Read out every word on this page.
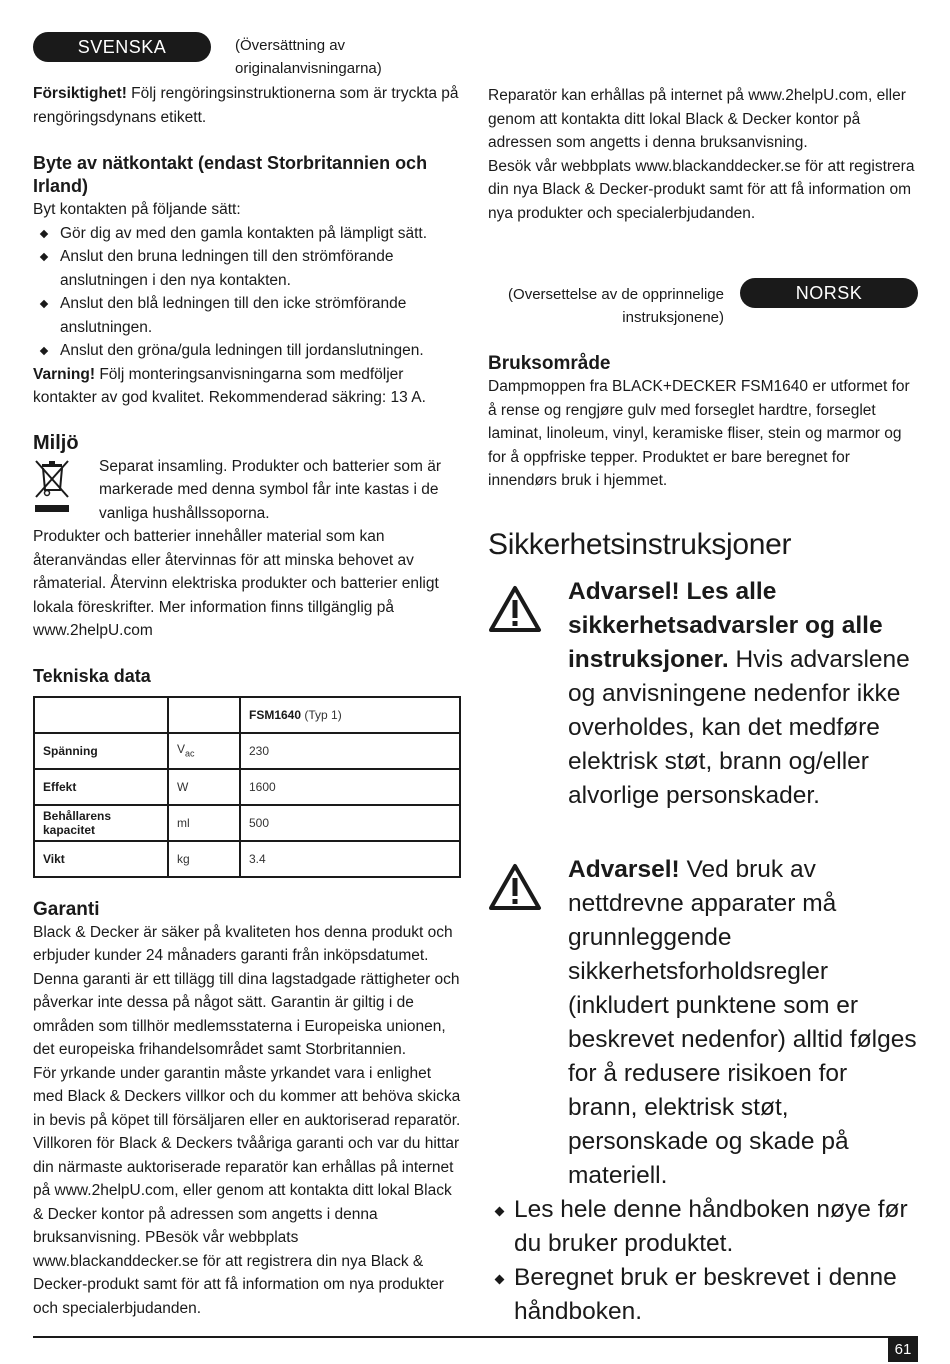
SVENSKA	(Översättning av originalanvisningarna)

Försiktighet! Följ rengöringsinstruktionerna som är tryckta på rengöringsdynans etikett.

Byte av nätkontakt (endast Storbritannien och Irland)

Byt kontakten på följande sätt:

Gör dig av med den gamla kontakten på lämpligt sätt.
Anslut den bruna ledningen till den strömförande anslutningen i den nya kontakten.
Anslut den blå ledningen till den icke strömförande anslutningen.
Anslut den gröna/gula ledningen till jordanslutningen.

Varning! Följ monteringsanvisningarna som medföljer kontakter av god kvalitet. Rekommenderad säkring: 13 A.

Miljö
Separat insamling. Produkter och batterier som är markerade med denna symbol får inte kastas i de vanliga hushållssoporna.

Produkter och batterier innehåller material som kan återanvändas eller återvinnas för att minska behovet av råmaterial. Återvinn elektriska produkter och batterier enligt lokala föreskrifter. Mer information finns tillgänglig på www.2helpU.com

Tekniska data
		FSM1640 (Typ 1)
Spänning	$V_{ac}$	230
Effekt	W	1600
Behållarens kapacitet	ml	500
Vikt	kg	3.4
Garanti

Black & Decker är säker på kvaliteten hos denna produkt och erbjuder kunder 24 månaders garanti från inköpsdatumet. Denna garanti är ett tillägg till dina lagstadgade rättigheter och påverkar inte dessa på något sätt. Garantin är giltig i de områden som tillhör medlemsstaterna i Europeiska unionen, det europeiska frihandelsområdet samt Storbritannien.

För yrkande under garantin måste yrkandet vara i enlighet med Black & Deckers villkor och du kommer att behöva skicka in bevis på köpet till försäljaren eller en auktoriserad reparatör. Villkoren för Black & Deckers tvååriga garanti och var du hittar din närmaste auktoriserade reparatör kan erhållas på internet på www.2helpU.com, eller genom att kontakta ditt lokal Black & Decker kontor på adressen som angetts i denna bruksanvisning. PBesök vår webbplats www.blackanddecker.se för att registrera din nya Black & Decker-produkt samt för att få information om nya produkter och specialerbjudanden.

Reparatör kan erhållas på internet på www.2helpU.com, eller genom att kontakta ditt lokal Black & Decker kontor på adressen som angetts i denna bruksanvisning.

Besök vår webbplats www.blackanddecker.se för att registrera din nya Black & Decker-produkt samt för att få information om nya produkter och specialerbjudanden.

(Oversettelse av de opprinnelige instruksjonene)
NORSK
Bruksområde

Dampmoppen fra BLACK+DECKER FSM1640 er utformet for å rense og rengjøre gulv med forseglet hardtre, forseglet laminat, linoleum, vinyl, keramiske fliser, stein og marmor og for å oppfriske tepper. Produktet er bare beregnet for innendørs bruk i hjemmet.

Sikkerhetsinstruksjoner
Advarsel! Les alle sikkerhetsadvarsler og alle instruksjoner. Hvis advarslene og anvisningene nedenfor ikke overholdes, kan det medføre elektrisk støt, brann og/eller alvorlige personskader.
Advarsel! Ved bruk av nettdrevne apparater må grunnleggende sikkerhetsforholdsregler (inkludert punktene som er beskrevet nedenfor) alltid følges for å redusere risikoen for brann, elektrisk støt, personskade og skade på materiell.
Les hele denne håndboken nøye før du bruker produktet.
Beregnet bruk er beskrevet i denne håndboken.
61
